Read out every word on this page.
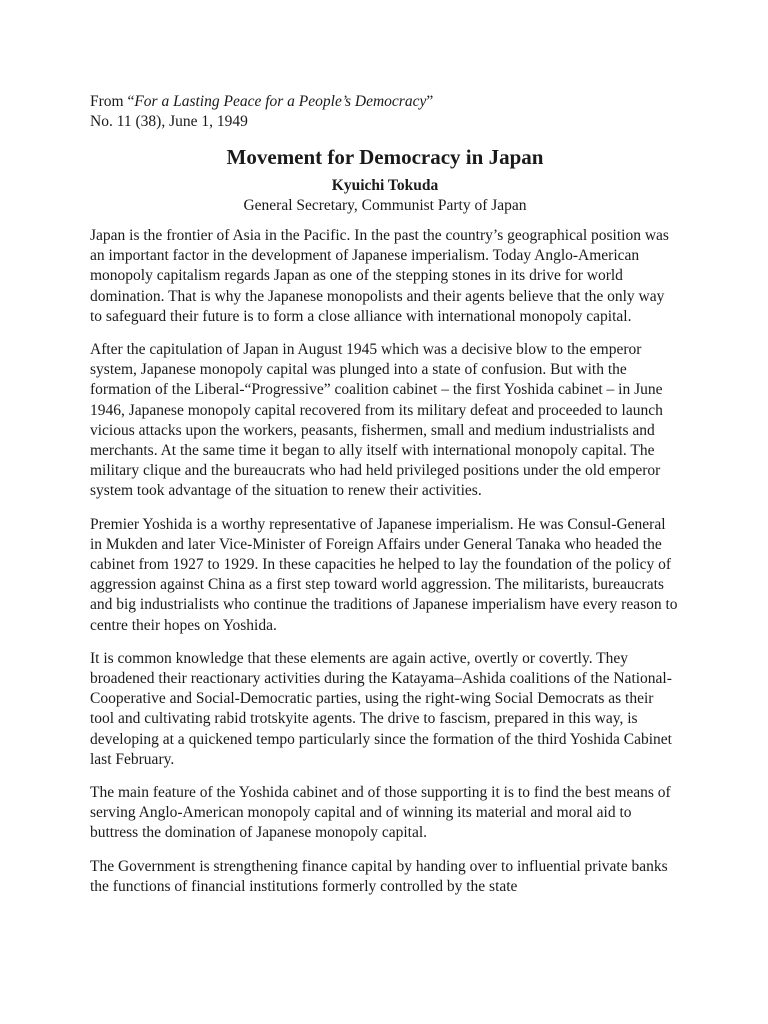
From “For a Lasting Peace for a People’s Democracy”

No. 11 (38), June 1, 1949

Movement for Democracy in Japan

Kyuichi Tokuda

General Secretary, Communist Party of Japan

Japan is the frontier of Asia in the Pacific. In the past the country’s geographical position was an important factor in the development of Japanese imperialism. Today Anglo-American monopoly capitalism regards Japan as one of the stepping stones in its drive for world domination. That is why the Japanese monopolists and their agents believe that the only way to safeguard their future is to form a close alliance with international monopoly capital.

After the capitulation of Japan in August 1945 which was a decisive blow to the emperor system, Japanese monopoly capital was plunged into a state of confusion. But with the formation of the Liberal-“Progressive” coalition cabinet – the first Yoshida cabinet – in June 1946, Japanese monopoly capital recovered from its military defeat and proceeded to launch vicious attacks upon the workers, peasants, fishermen, small and medium industrialists and merchants. At the same time it began to ally itself with international monopoly capital. The military clique and the bureaucrats who had held privileged positions under the old emperor system took advantage of the situation to renew their activities.

Premier Yoshida is a worthy representative of Japanese imperialism. He was Consul-General in Mukden and later Vice-Minister of Foreign Affairs under General Tanaka who headed the cabinet from 1927 to 1929. In these capacities he helped to lay the foundation of the policy of aggression against China as a first step toward world aggression. The militarists, bureaucrats and big industrialists who continue the traditions of Japanese imperialism have every reason to centre their hopes on Yoshida.

It is common knowledge that these elements are again active, overtly or covertly. They broadened their reactionary activities during the Katayama–Ashida coalitions of the National-Cooperative and Social-Democratic parties, using the right-wing Social Democrats as their tool and cultivating rabid trotskyite agents. The drive to fascism, prepared in this way, is developing at a quickened tempo particularly since the formation of the third Yoshida Cabinet last February.

The main feature of the Yoshida cabinet and of those supporting it is to find the best means of serving Anglo-American monopoly capital and of winning its material and moral aid to buttress the domination of Japanese monopoly capital.

The Government is strengthening finance capital by handing over to influential private banks the functions of financial institutions formerly controlled by the state
